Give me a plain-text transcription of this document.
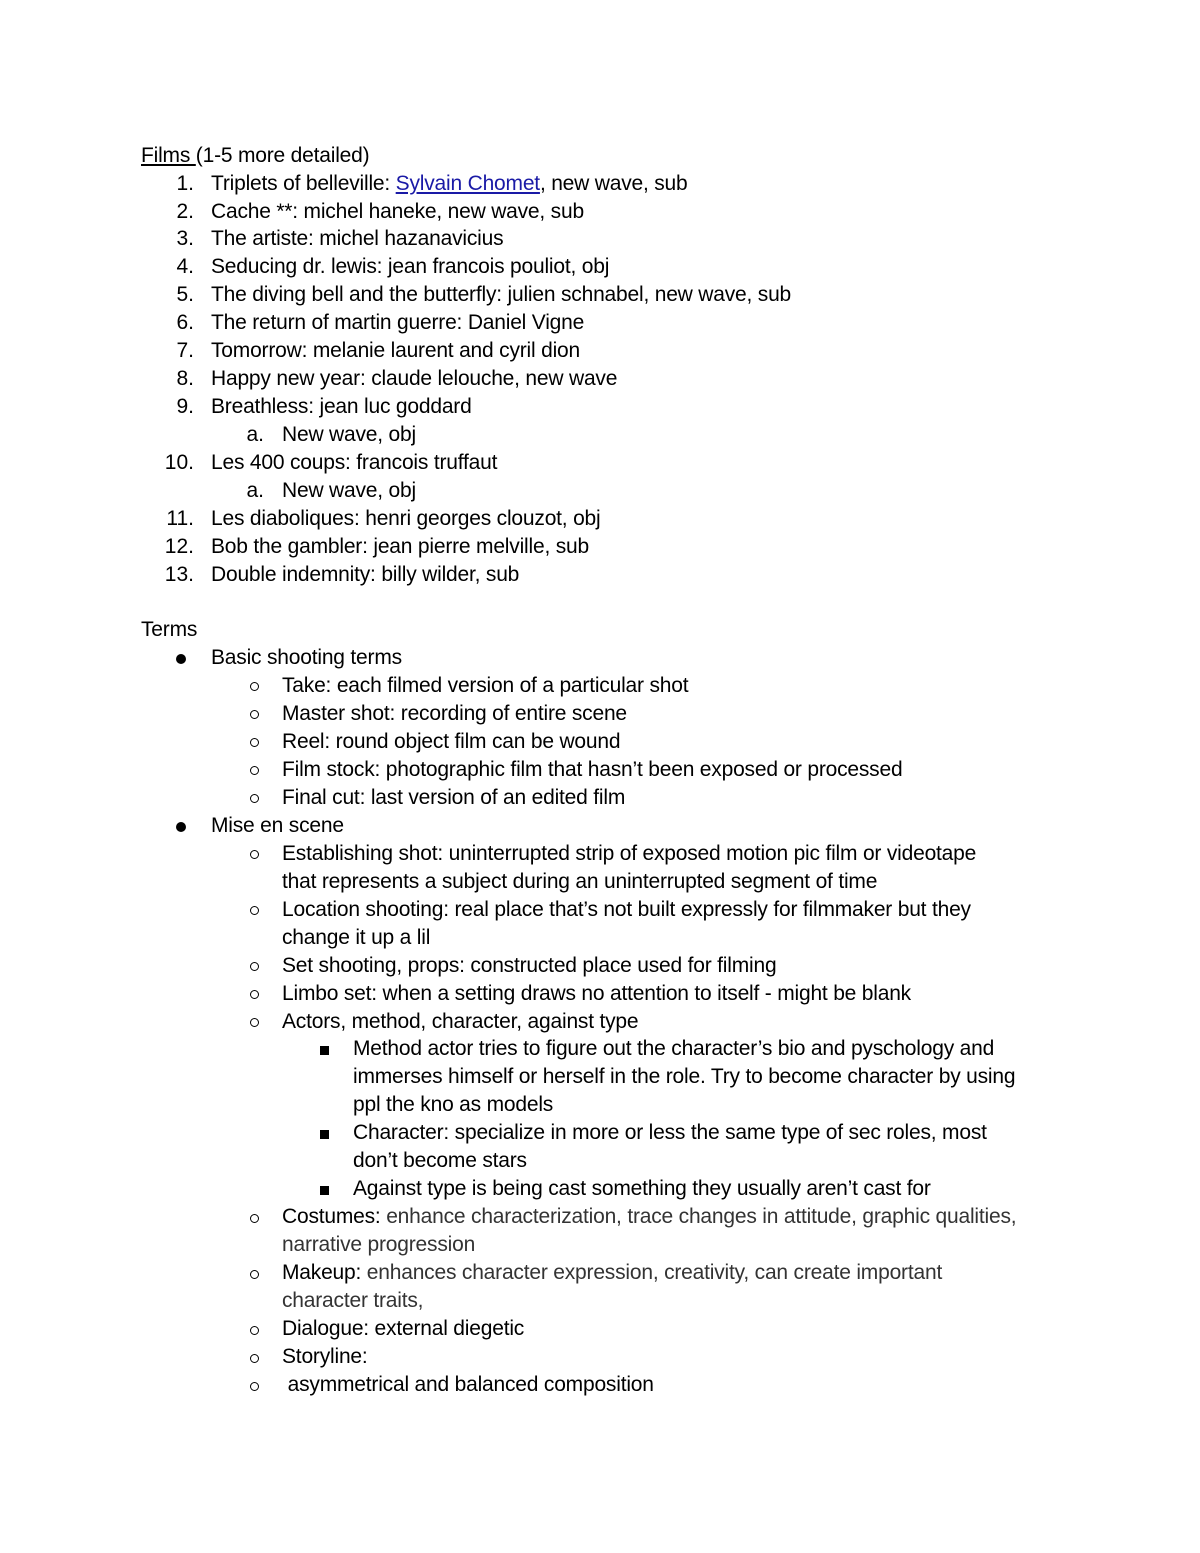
Films (1-5 more detailed)
1. Triplets of belleville: Sylvain Chomet, new wave, sub
2. Cache **: michel haneke, new wave, sub
3. The artiste: michel hazanavicius
4. Seducing dr. lewis: jean francois pouliot, obj
5. The diving bell and the butterfly: julien schnabel, new wave, sub
6. The return of martin guerre: Daniel Vigne
7. Tomorrow: melanie laurent and cyril dion
8. Happy new year: claude lelouche, new wave
9. Breathless: jean luc goddard
a. New wave, obj
10. Les 400 coups: francois truffaut
a. New wave, obj
11. Les diaboliques: henri georges clouzot, obj
12. Bob the gambler: jean pierre melville, sub
13. Double indemnity: billy wilder, sub
Terms
Basic shooting terms
Take: each filmed version of a particular shot
Master shot: recording of entire scene
Reel: round object film can be wound
Film stock: photographic film that hasn’t been exposed or processed
Final cut: last version of an edited film
Mise en scene
Establishing shot: uninterrupted strip of exposed motion pic film or videotape
that represents a subject during an uninterrupted segment of time
Location shooting: real place that’s not built expressly for filmmaker but they
change it up a lil
Set shooting, props: constructed place used for filming
Limbo set: when a setting draws no attention to itself - might be blank
Actors, method, character, against type
Method actor tries to figure out the character’s bio and pyschology and
immerses himself or herself in the role. Try to become character by using
ppl the kno as models
Character: specialize in more or less the same type of sec roles, most
don’t become stars
Against type is being cast something they usually aren’t cast for
Costumes: enhance characterization, trace changes in attitude, graphic qualities,
narrative progression
Makeup: enhances character expression, creativity, can create important
character traits,
Dialogue: external diegetic
Storyline:
asymmetrical and balanced composition
